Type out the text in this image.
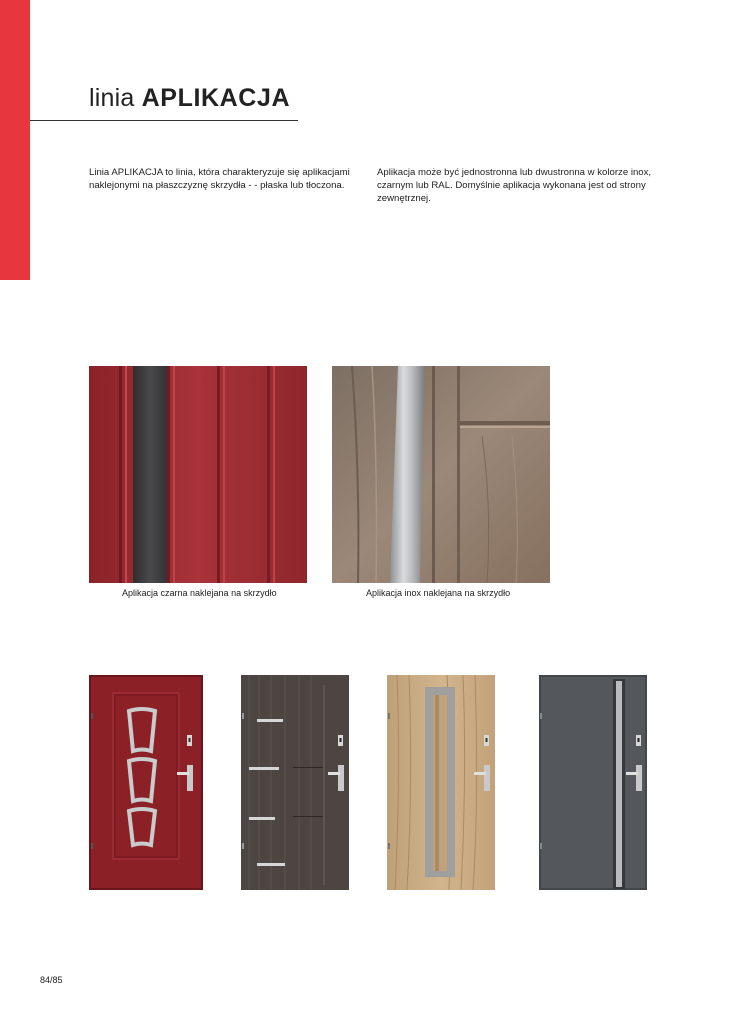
linia APLIKACJA
Linia APLIKACJA to linia, która charakteryzuje się aplikacjami naklejonymi na płaszczyznę skrzydła - - płaska lub tłoczona.
Aplikacja może być jednostronna lub dwustronna w kolorze inox, czarnym lub RAL. Domyślnie aplikacja wykonana jest od strony zewnętrznej.
Aplikacja czarna naklejana na skrzydło	Aplikacja inox naklejana na skrzydło
84/85
